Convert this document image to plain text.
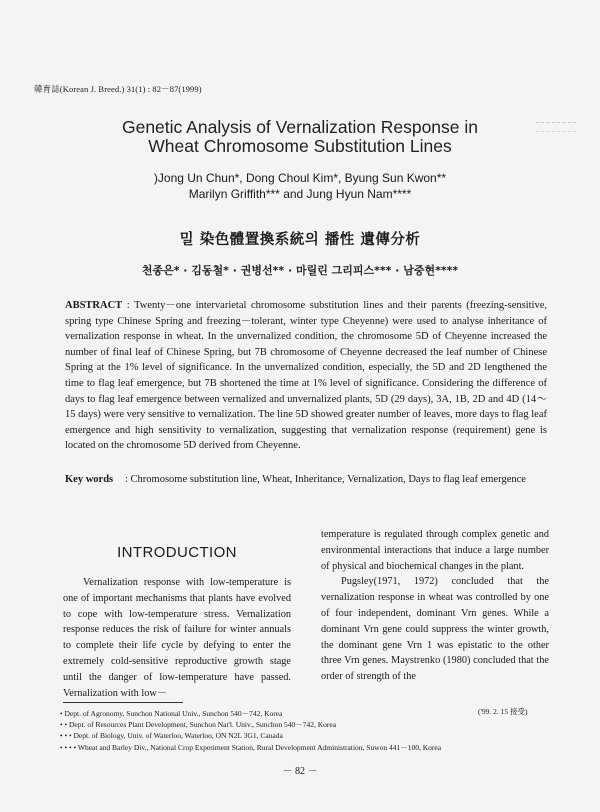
韓育誌(Korean J. Breed.) 31(1) : 82－87(1999)
Genetic Analysis of Vernalization Response in
Wheat Chromosome Substitution Lines
)Jong Un Chun*, Dong Choul Kim*, Byung Sun Kwon**
Marilyn Griffith*** and Jung Hyun Nam****
밀 染色體置換系統의 播性 遺傳分析
천종은* · 김동철* · 권병선** · 마릴린 그리피스*** · 남중현****
ABSTRACT : Twenty－one intervarietal chromosome substitution lines and their parents (freezing-sensitive, spring type Chinese Spring and freezing－tolerant, winter type Cheyenne) were used to analyse inheritance of vernalization response in wheat. In the unvernalized condition, the chromosome 5D of Cheyenne increased the number of final leaf of Chinese Spring, but 7B chromosome of Cheyenne decreased the leaf number of Chinese Spring at the 1% level of significance. In the unvernalized condition, especially, the 5D and 2D lengthened the time to flag leaf emergence, but 7B shortened the time at 1% level of significance. Considering the difference of days to flag leaf emergence between vernalized and unvernalized plants, 5D (29 days), 3A, 1B, 2D and 4D (14～15 days) were very sensitive to vernalization. The line 5D showed greater number of leaves, more days to flag leaf emergence and high sensitivity to vernalization, suggesting that vernalization response (requirement) gene is located on the chromosome 5D derived from Cheyenne.
Key words : Chromosome substitution line, Wheat, Inheritance, Vernalization, Days to flag leaf emergence
INTRODUCTION
Vernalization response with low-temperature is one of important mechanisms that plants have evolved to cope with low-temperature stress. Vernalization response reduces the risk of failure for winter annuals to complete their life cycle by defying to enter the extremely cold-sensitive reproductive growth stage until the danger of low-temperature have passed. Vernalization with low－
temperature is regulated through complex genetic and environmental interactions that induce a large number of physical and biochemical changes in the plant.
Pugsley(1971, 1972) concluded that the vernalization response in wheat was controlled by one of four independent, dominant Vrn genes. While a dominant Vrn gene could suppress the winter growth, the dominant gene Vrn 1 was epistatic to the other three Vrn genes. Maystrenko (1980) concluded that the order of strength of the
('99. 2. 15 接受)
• Dept. of Agronomy, Sunchon National Univ., Sunchon 540－742, Korea
• • Dept. of Resources Plant Development, Sunchon Nat'l. Univ., Sunchon 540－742, Korea
• • • Dept. of Biology, Univ. of Waterloo, Waterloo, ON N2L 3G1, Canada
• • • • Wheat and Barley Div., National Crop Experiment Station, Rural Development Administration, Suwon 441－100, Korea
－ 82 －
